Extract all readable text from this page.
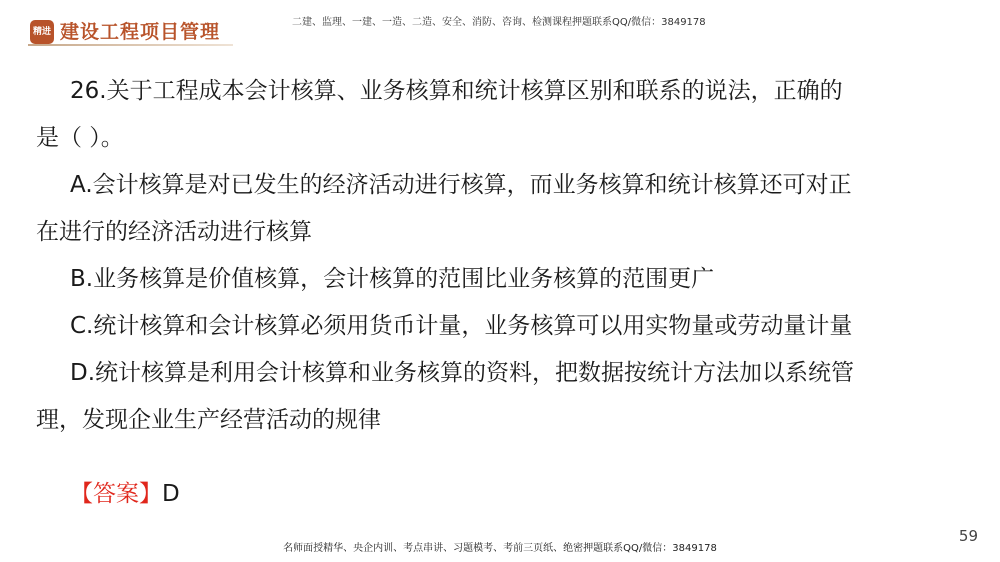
精进 建设工程项目管理	二建、监理、一建、一造、二造、安全、消防、咨询、检测课程押题联系QQ/微信：3849178

26.关于工程成本会计核算、业务核算和统计核算区别和联系的说法，正确的

是（ ）。

A.会计核算是对已发生的经济活动进行核算，而业务核算和统计核算还可对正

在进行的经济活动进行核算

B.业务核算是价值核算，会计核算的范围比业务核算的范围更广

C.统计核算和会计核算必须用货币计量，业务核算可以用实物量或劳动量计量

D.统计核算是利用会计核算和业务核算的资料，把数据按统计方法加以系统管

理，发现企业生产经营活动的规律

【答案】D
名师面授精华、央企内训、考点串讲、习题模考、考前三页纸、绝密押题联系QQ/微信：3849178
59
